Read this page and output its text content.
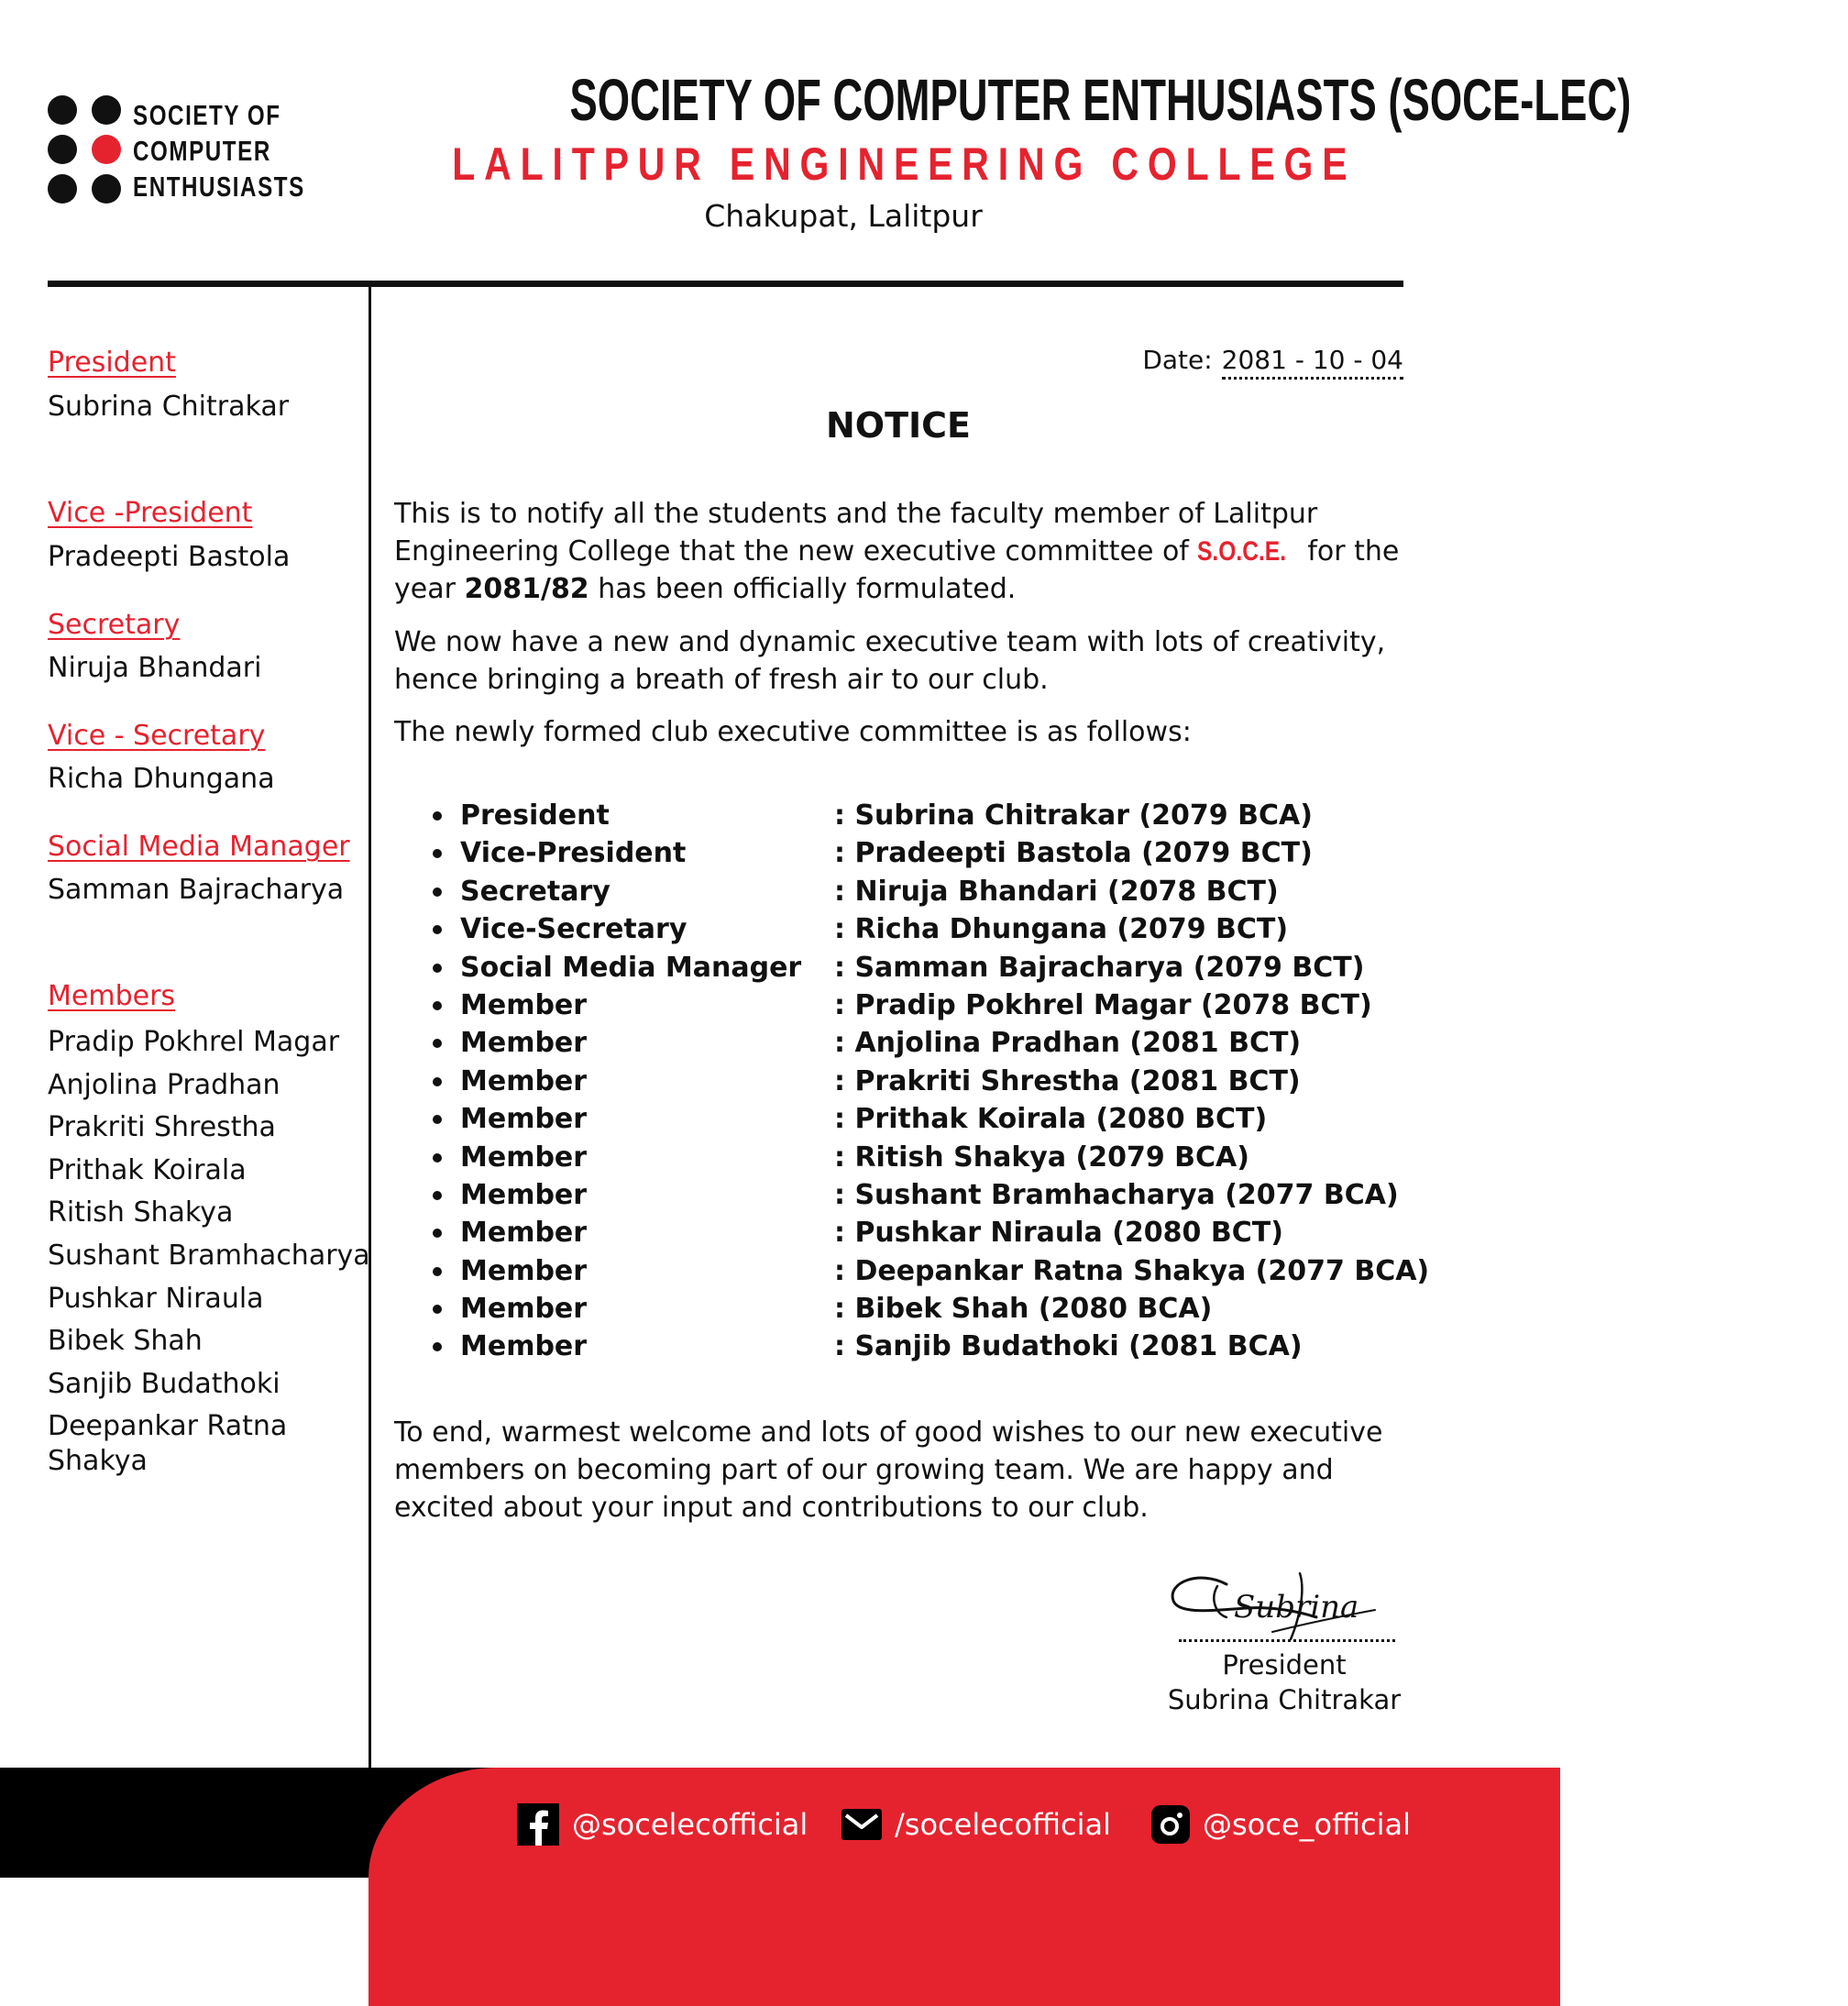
SOCIETY OF
COMPUTER
ENTHUSIASTS
SOCIETY OF COMPUTER ENTHUSIASTS (SOCE-LEC)
LALITPUR ENGINEERING COLLEGE
Chakupat, Lalitpur
President
Subrina Chitrakar
Vice -President
Pradeepti Bastola
Secretary
Niruja Bhandari
Vice - Secretary
Richa Dhungana
Social Media Manager
Samman Bajracharya
Members
Pradip Pokhrel Magar
Anjolina Pradhan
Prakriti Shrestha
Prithak Koirala
Ritish Shakya
Sushant Bramhacharya
Pushkar Niraula
Bibek Shah
Sanjib Budathoki
Deepankar Ratna Shakya
Date: 2081 - 10 - 04
NOTICE

This is to notify all the students and the faculty member of Lalitpur Engineering College that the new executive committee of S.O.C.E. for the year 2081/82 has been officially formulated.

We now have a new and dynamic executive team with lots of creativity, hence bringing a breath of fresh air to our club.

The newly formed club executive committee is as follows:

President	: Subrina Chitrakar (2079 BCA)
Vice-President	: Pradeepti Bastola (2079 BCT)
Secretary	: Niruja Bhandari (2078 BCT)
Vice-Secretary	: Richa Dhungana (2079 BCT)
Social Media Manager : Samman Bajracharya (2079 BCT)
Member	: Pradip Pokhrel Magar (2078 BCT)
Member	: Anjolina Pradhan (2081 BCT)
Member	: Prakriti Shrestha (2081 BCT)
Member	: Prithak Koirala (2080 BCT)
Member	: Ritish Shakya (2079 BCA)
Member	: Sushant Bramhacharya (2077 BCA)
Member	: Pushkar Niraula (2080 BCT)
Member	: Deepankar Ratna Shakya (2077 BCA)
Member	: Bibek Shah (2080 BCA)
Member	: Sanjib Budathoki (2081 BCA)

To end, warmest welcome and lots of good wishes to our new executive members on becoming part of our growing team. We are happy and excited about your input and contributions to our club.

Subrina
President
Subrina Chitrakar
@socelecofficial	/socelecofficial	@soce_official
